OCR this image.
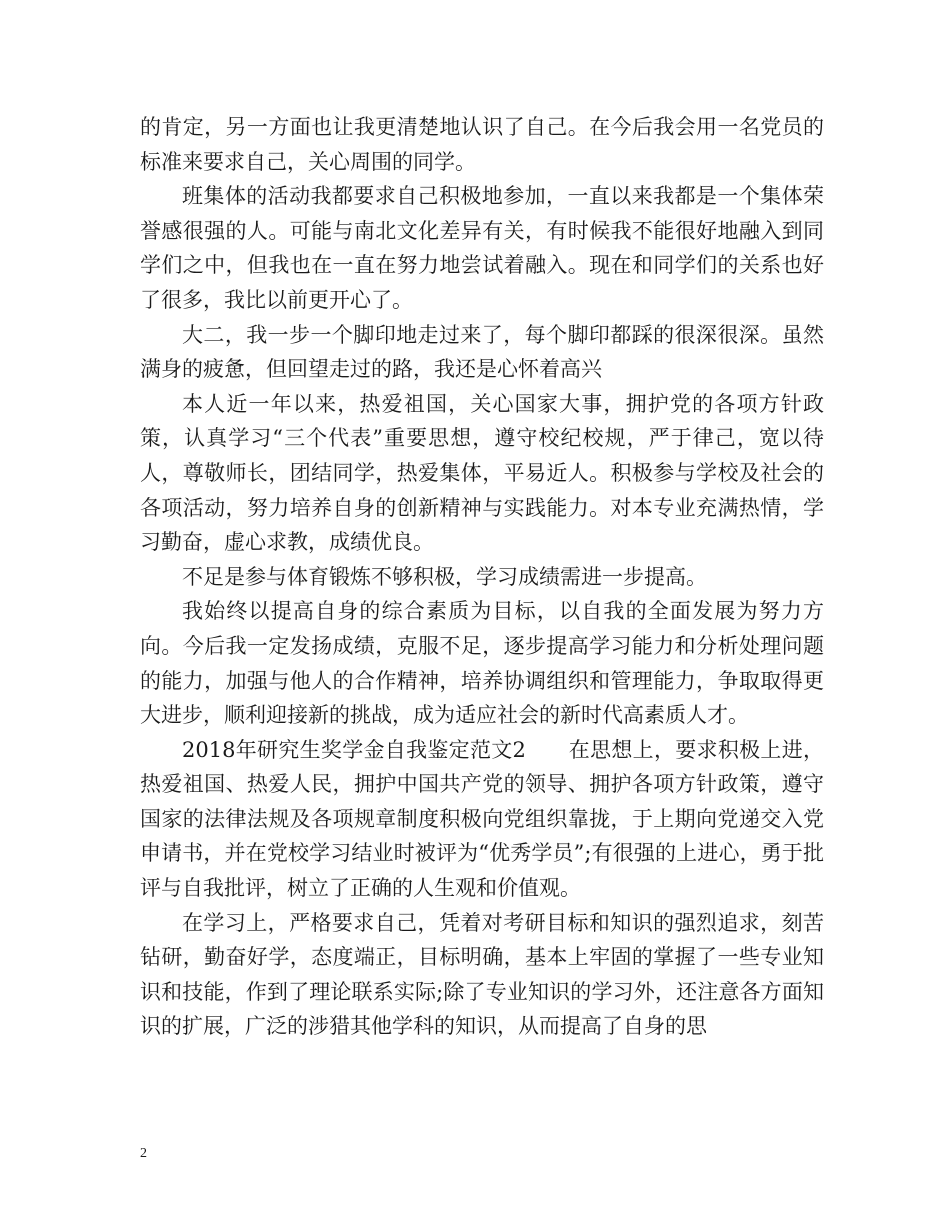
的肯定，另一方面也让我更清楚地认识了自己。在今后我会用一名党员的标准来要求自己，关心周围的同学。

班集体的活动我都要求自己积极地参加，一直以来我都是一个集体荣誉感很强的人。可能与南北文化差异有关，有时候我不能很好地融入到同学们之中，但我也在一直在努力地尝试着融入。现在和同学们的关系也好了很多，我比以前更开心了。

大二，我一步一个脚印地走过来了，每个脚印都踩的很深很深。虽然满身的疲惫，但回望走过的路，我还是心怀着高兴

本人近一年以来，热爱祖国，关心国家大事，拥护党的各项方针政策，认真学习“三个代表”重要思想，遵守校纪校规，严于律己，宽以待人，尊敬师长，团结同学，热爱集体，平易近人。积极参与学校及社会的各项活动，努力培养自身的创新精神与实践能力。对本专业充满热情，学习勤奋，虚心求教，成绩优良。

不足是参与体育锻炼不够积极，学习成绩需进一步提高。

我始终以提高自身的综合素质为目标，以自我的全面发展为努力方向。今后我一定发扬成绩，克服不足，逐步提高学习能力和分析处理问题的能力，加强与他人的合作精神，培养协调组织和管理能力，争取取得更大进步，顺利迎接新的挑战，成为适应社会的新时代高素质人才。

2018年研究生奖学金自我鉴定范文2　　在思想上，要求积极上进，热爱祖国、热爱人民，拥护中国共产党的领导、拥护各项方针政策，遵守国家的法律法规及各项规章制度积极向党组织靠拢，于上期向党递交入党申请书，并在党校学习结业时被评为“优秀学员”;有很强的上进心，勇于批评与自我批评，树立了正确的人生观和价值观。

在学习上，严格要求自己，凭着对考研目标和知识的强烈追求，刻苦钻研，勤奋好学，态度端正，目标明确，基本上牢固的掌握了一些专业知识和技能，作到了理论联系实际;除了专业知识的学习外，还注意各方面知识的扩展，广泛的涉猎其他学科的知识，从而提高了自身的思

2
